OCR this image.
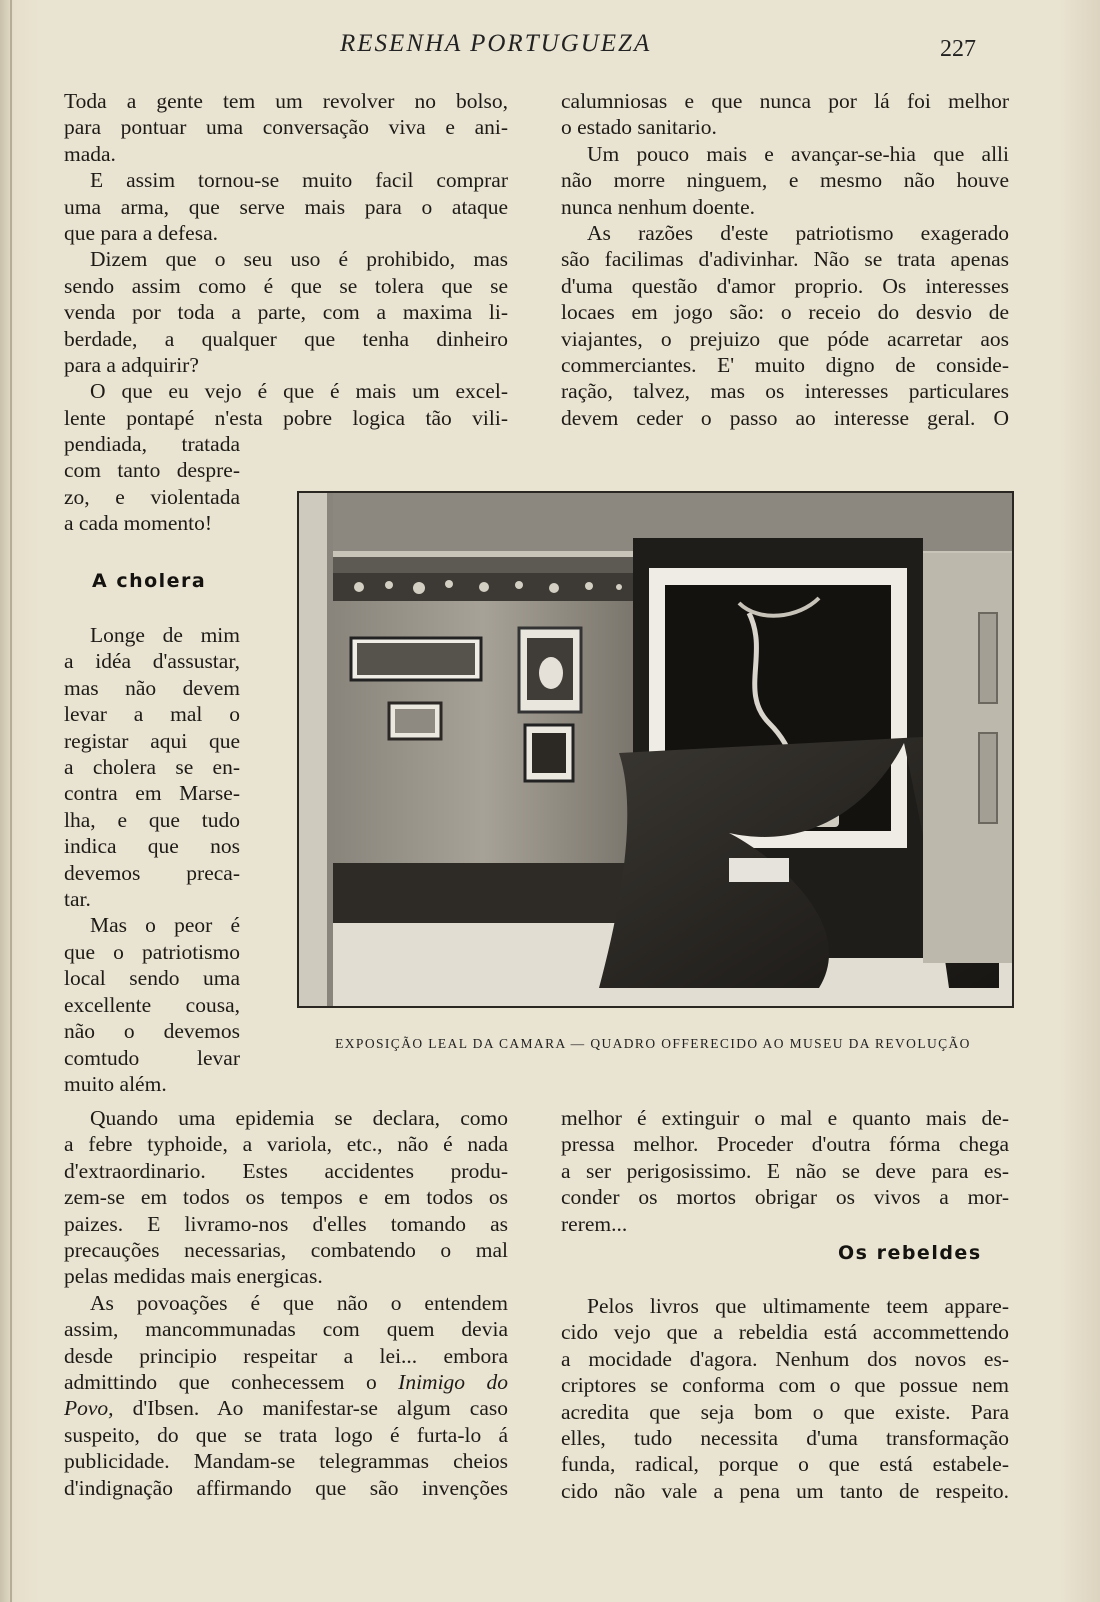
RESENHA PORTUGUEZA	227
Toda a gente tem um revolver no bolso,
para pontuar uma conversação viva e ani-
mada.
E assim tornou-se muito facil comprar
uma arma, que serve mais para o ataque
que para a defesa.
Dizem que o seu uso é prohibido, mas
sendo assim como é que se tolera que se
venda por toda a parte, com a maxima li-
berdade, a qualquer que tenha dinheiro
para a adquirir?
O que eu vejo é que é mais um excel-
lente pontapé n'esta pobre logica tão vili-
pendiada, tratada
com tanto despre-
zo, e violentada
a cada momento!
calumniosas e que nunca por lá foi melhor
o estado sanitario.
Um pouco mais e avançar-se-hia que alli
não morre ninguem, e mesmo não houve
nunca nenhum doente.
As razões d'este patriotismo exagerado
são facilimas d'adivinhar. Não se trata apenas
d'uma questão d'amor proprio. Os interesses
locaes em jogo são: o receio do desvio de
viajantes, o prejuizo que póde acarretar aos
commerciantes. E' muito digno de conside-
ração, talvez, mas os interesses particulares
devem ceder o passo ao interesse geral. O
A cholera
Longe de mim
a idéa d'assustar,
mas não devem
levar a mal o
registar aqui que
a cholera se en-
contra em Marse-
lha, e que tudo
indica que nos
devemos preca-
tar.
Mas o peor é
que o patriotismo
local sendo uma
excellente cousa,
não o devemos
comtudo levar
muito além.
EXPOSIÇÃO LEAL DA CAMARA — QUADRO OFFERECIDO AO MUSEU DA REVOLUÇÃO
Quando uma epidemia se declara, como
a febre typhoide, a variola, etc., não é nada
d'extraordinario. Estes accidentes produ-
zem-se em todos os tempos e em todos os
paizes. E livramo-nos d'elles tomando as
precauções necessarias, combatendo o mal
pelas medidas mais energicas.
As povoações é que não o entendem
assim, mancommunadas com quem devia
desde principio respeitar a lei... embora
admittindo que conhecessem o Inimigo do
Povo, d'Ibsen. Ao manifestar-se algum caso
suspeito, do que se trata logo é furta-lo á
publicidade. Mandam-se telegrammas cheios
d'indignação affirmando que são invenções
melhor é extinguir o mal e quanto mais de-
pressa melhor. Proceder d'outra fórma chega
a ser perigosissimo. E não se deve para es-
conder os mortos obrigar os vivos a mor-
rerem...
Os rebeldes
Pelos livros que ultimamente teem appare-
cido vejo que a rebeldia está accommettendo
a mocidade d'agora. Nenhum dos novos es-
criptores se conforma com o que possue nem
acredita que seja bom o que existe. Para
elles, tudo necessita d'uma transformação
funda, radical, porque o que está estabele-
cido não vale a pena um tanto de respeito.
